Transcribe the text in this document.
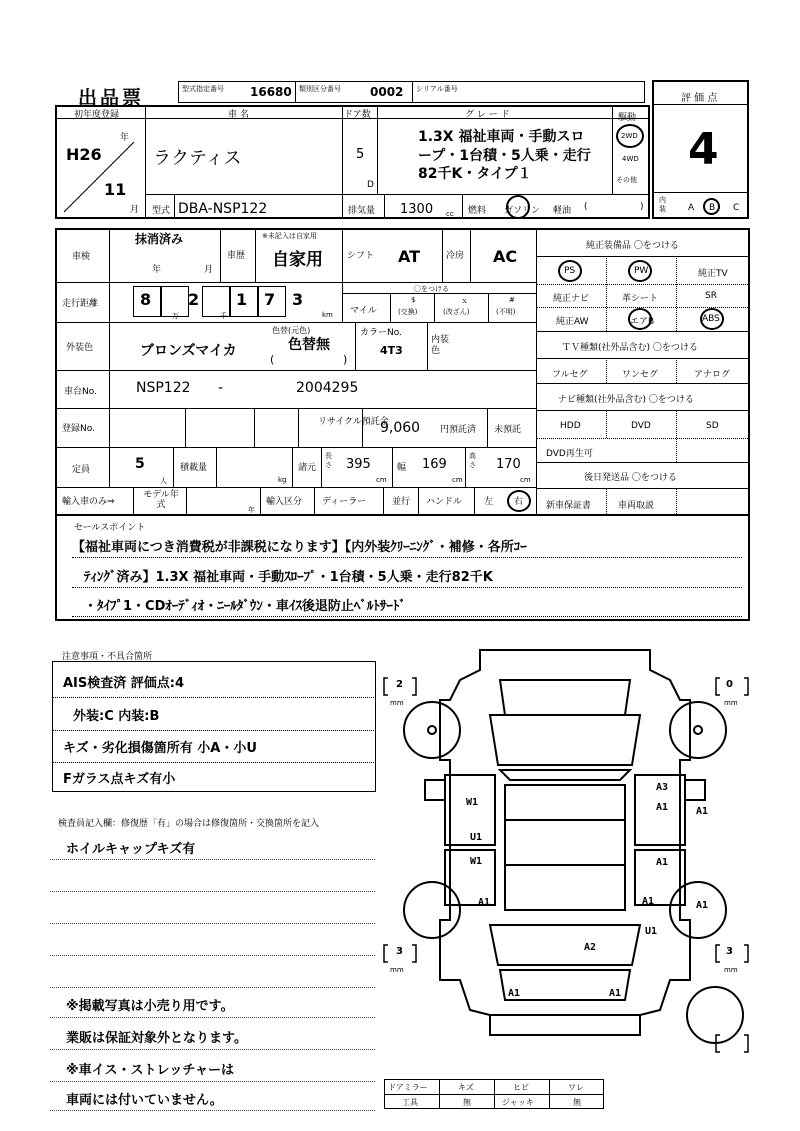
出品票	型式指定番号 16680 類別区分番号 0002 シリアル番号
評 価 点
4
初年度登録
年
月
H26
11
車 名
ラクティス
ドア数
5
D
グ レ ー ド
1.3X 福祉車両・手動スロ
ープ・1台積・5人乗・走行
82千K・タイプ１
駆動
2WD
4WD
その他
型式 DBA-NSP122	排気量 1300 cc 燃料 ガソリン 軽油 (	)
内装	A B C
車検
抹消済み
年	月
車歴
※未記入は自家用
自家用	シフト AT	冷房 AC
走行距離	8 2 1 7 3
万	千	km
〇をつける
マイル
$
(交換)
ｘ
(改ざん)
#
(不明)
外装色	ブロンズマイカ
色替(元色)
色替無
(	)
カラーNo.
4T3
内装色
車台No.	NSP122 -	2004295
登録No.
リサイクル預託金
9,060 円預託済 未預託
定員	5
人
積載量
kg
諸元
長さ 395
cm
幅 169
cm
高さ 170
cm
輸入車のみ⇒
モデル年式	年
輸入区分 ディーラー	並行 ハンドル 左 右
純正装備品 〇をつける
PS	PW	純正TV
純正ナビ	革シート	SR
純正AW	エアB	ABS
ＴＶ種類(社外品含む) 〇をつける
フルセグ	ワンセグ	アナログ
ナビ種類(社外品含む) 〇をつける
HDD	DVD	SD
DVD再生可
後日発送品 〇をつける
新車保証書	車両取説
セールスポイント
【福祉車両につき消費税が非課税になります】【内外装ｸﾘｰﾆﾝｸﾞ・補修・各所ｺｰ
ﾃｨﾝｸﾞ済み】1.3X 福祉車両・手動ｽﾛｰﾌﾟ・1台積・5人乗・走行82千K
・ﾀｲﾌﾟ1・CDｵｰﾃﾞｨｵ・ﾆｰﾙﾀﾞｳﾝ・車ｲｽ後退防止ﾍﾞﾙﾄｻｰﾄﾞ
注意事項・不具合箇所
AIS検査済 評価点:4
外装:C 内装:B
キズ・劣化損傷箇所有 小A・小U
Fガラス点キズ有小
検査員記入欄：修復歴「有」の場合は修復箇所・交換箇所を記入
ホイルキャップキズ有
※掲載写真は小売り用です。
業販は保証対象外となります。
※車イス・ストレッチャーは
車両には付いていません。
2
mm
0
mm
3
mm
3
mm
W1
U1
A3
A1	A1
W1	A1
A1	A1
U1
A1
A2
A1	A1
ドアミラー	キズ	ヒビ	ワレ
工具	無	ジャッキ	無
